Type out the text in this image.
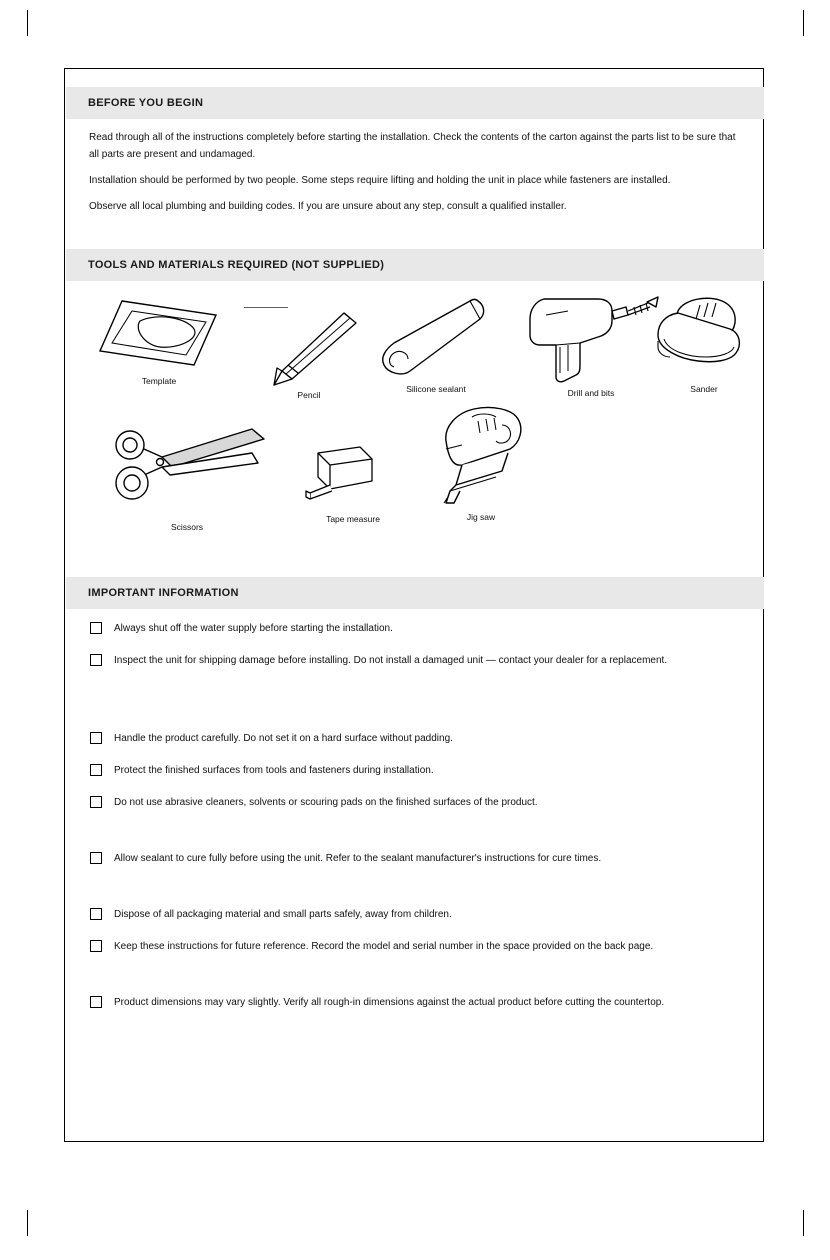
BEFORE YOU BEGIN

Read through all of the instructions completely before starting the installation. Check the contents of the carton against the parts list to be sure that all parts are present and undamaged.

Installation should be performed by two people. Some steps require lifting and holding the unit in place while fasteners are installed.

Observe all local plumbing and building codes. If you are unsure about any step, consult a qualified installer.

TOOLS AND MATERIALS REQUIRED (NOT SUPPLIED)
Template
Pencil
Silicone sealant	Drill and bits	Sander
Scissors
Tape measure	Jig saw
IMPORTANT INFORMATION
Always shut off the water supply before starting the installation.
Inspect the unit for shipping damage before installing. Do not install a damaged unit — contact your dealer for a replacement.
Handle the product carefully. Do not set it on a hard surface without padding.
Protect the finished surfaces from tools and fasteners during installation.
Do not use abrasive cleaners, solvents or scouring pads on the finished surfaces of the product.
Allow sealant to cure fully before using the unit. Refer to the sealant manufacturer's instructions for cure times.
Dispose of all packaging material and small parts safely, away from children.
Keep these instructions for future reference. Record the model and serial number in the space provided on the back page.
Product dimensions may vary slightly. Verify all rough-in dimensions against the actual product before cutting the countertop.
